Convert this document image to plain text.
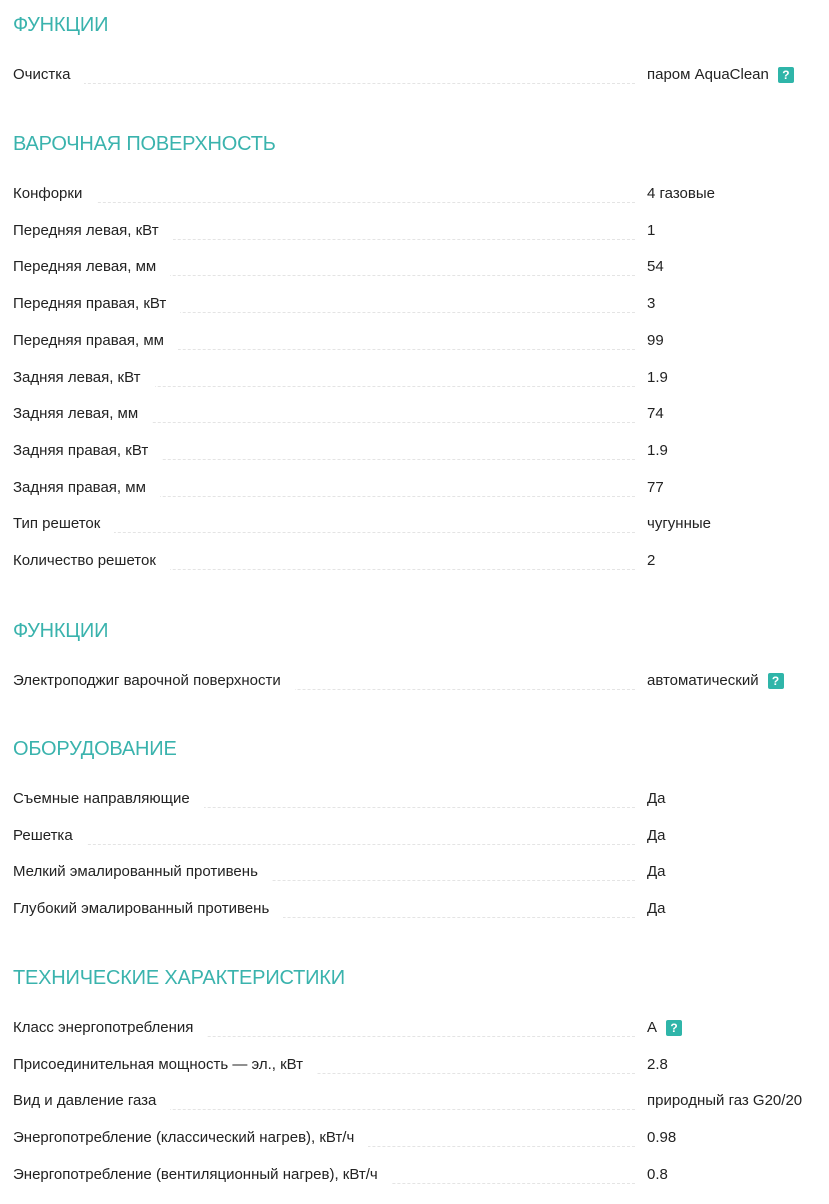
ФУНКЦИИ
Очистка	паром AquaClean	?
ВАРОЧНАЯ ПОВЕРХНОСТЬ
Конфорки	4 газовые
Передняя левая, кВт	1
Передняя левая, мм	54
Передняя правая, кВт	3
Передняя правая, мм	99
Задняя левая, кВт	1.9
Задняя левая, мм	74
Задняя правая, кВт	1.9
Задняя правая, мм	77
Тип решеток	чугунные
Количество решеток	2
ФУНКЦИИ
Электроподжиг варочной поверхности	автоматический	?
ОБОРУДОВАНИЕ
Съемные направляющие	Да
Решетка	Да
Мелкий эмалированный противень	Да
Глубокий эмалированный противень	Да
ТЕХНИЧЕСКИЕ ХАРАКТЕРИСТИКИ
Класс энергопотребления	A	?
Присоединительная мощность — эл., кВт	2.8
Вид и давление газа	природный газ G20/20
Энергопотребление (классический нагрев), кВт/ч	0.98
Энергопотребление (вентиляционный нагрев), кВт/ч	0.8
